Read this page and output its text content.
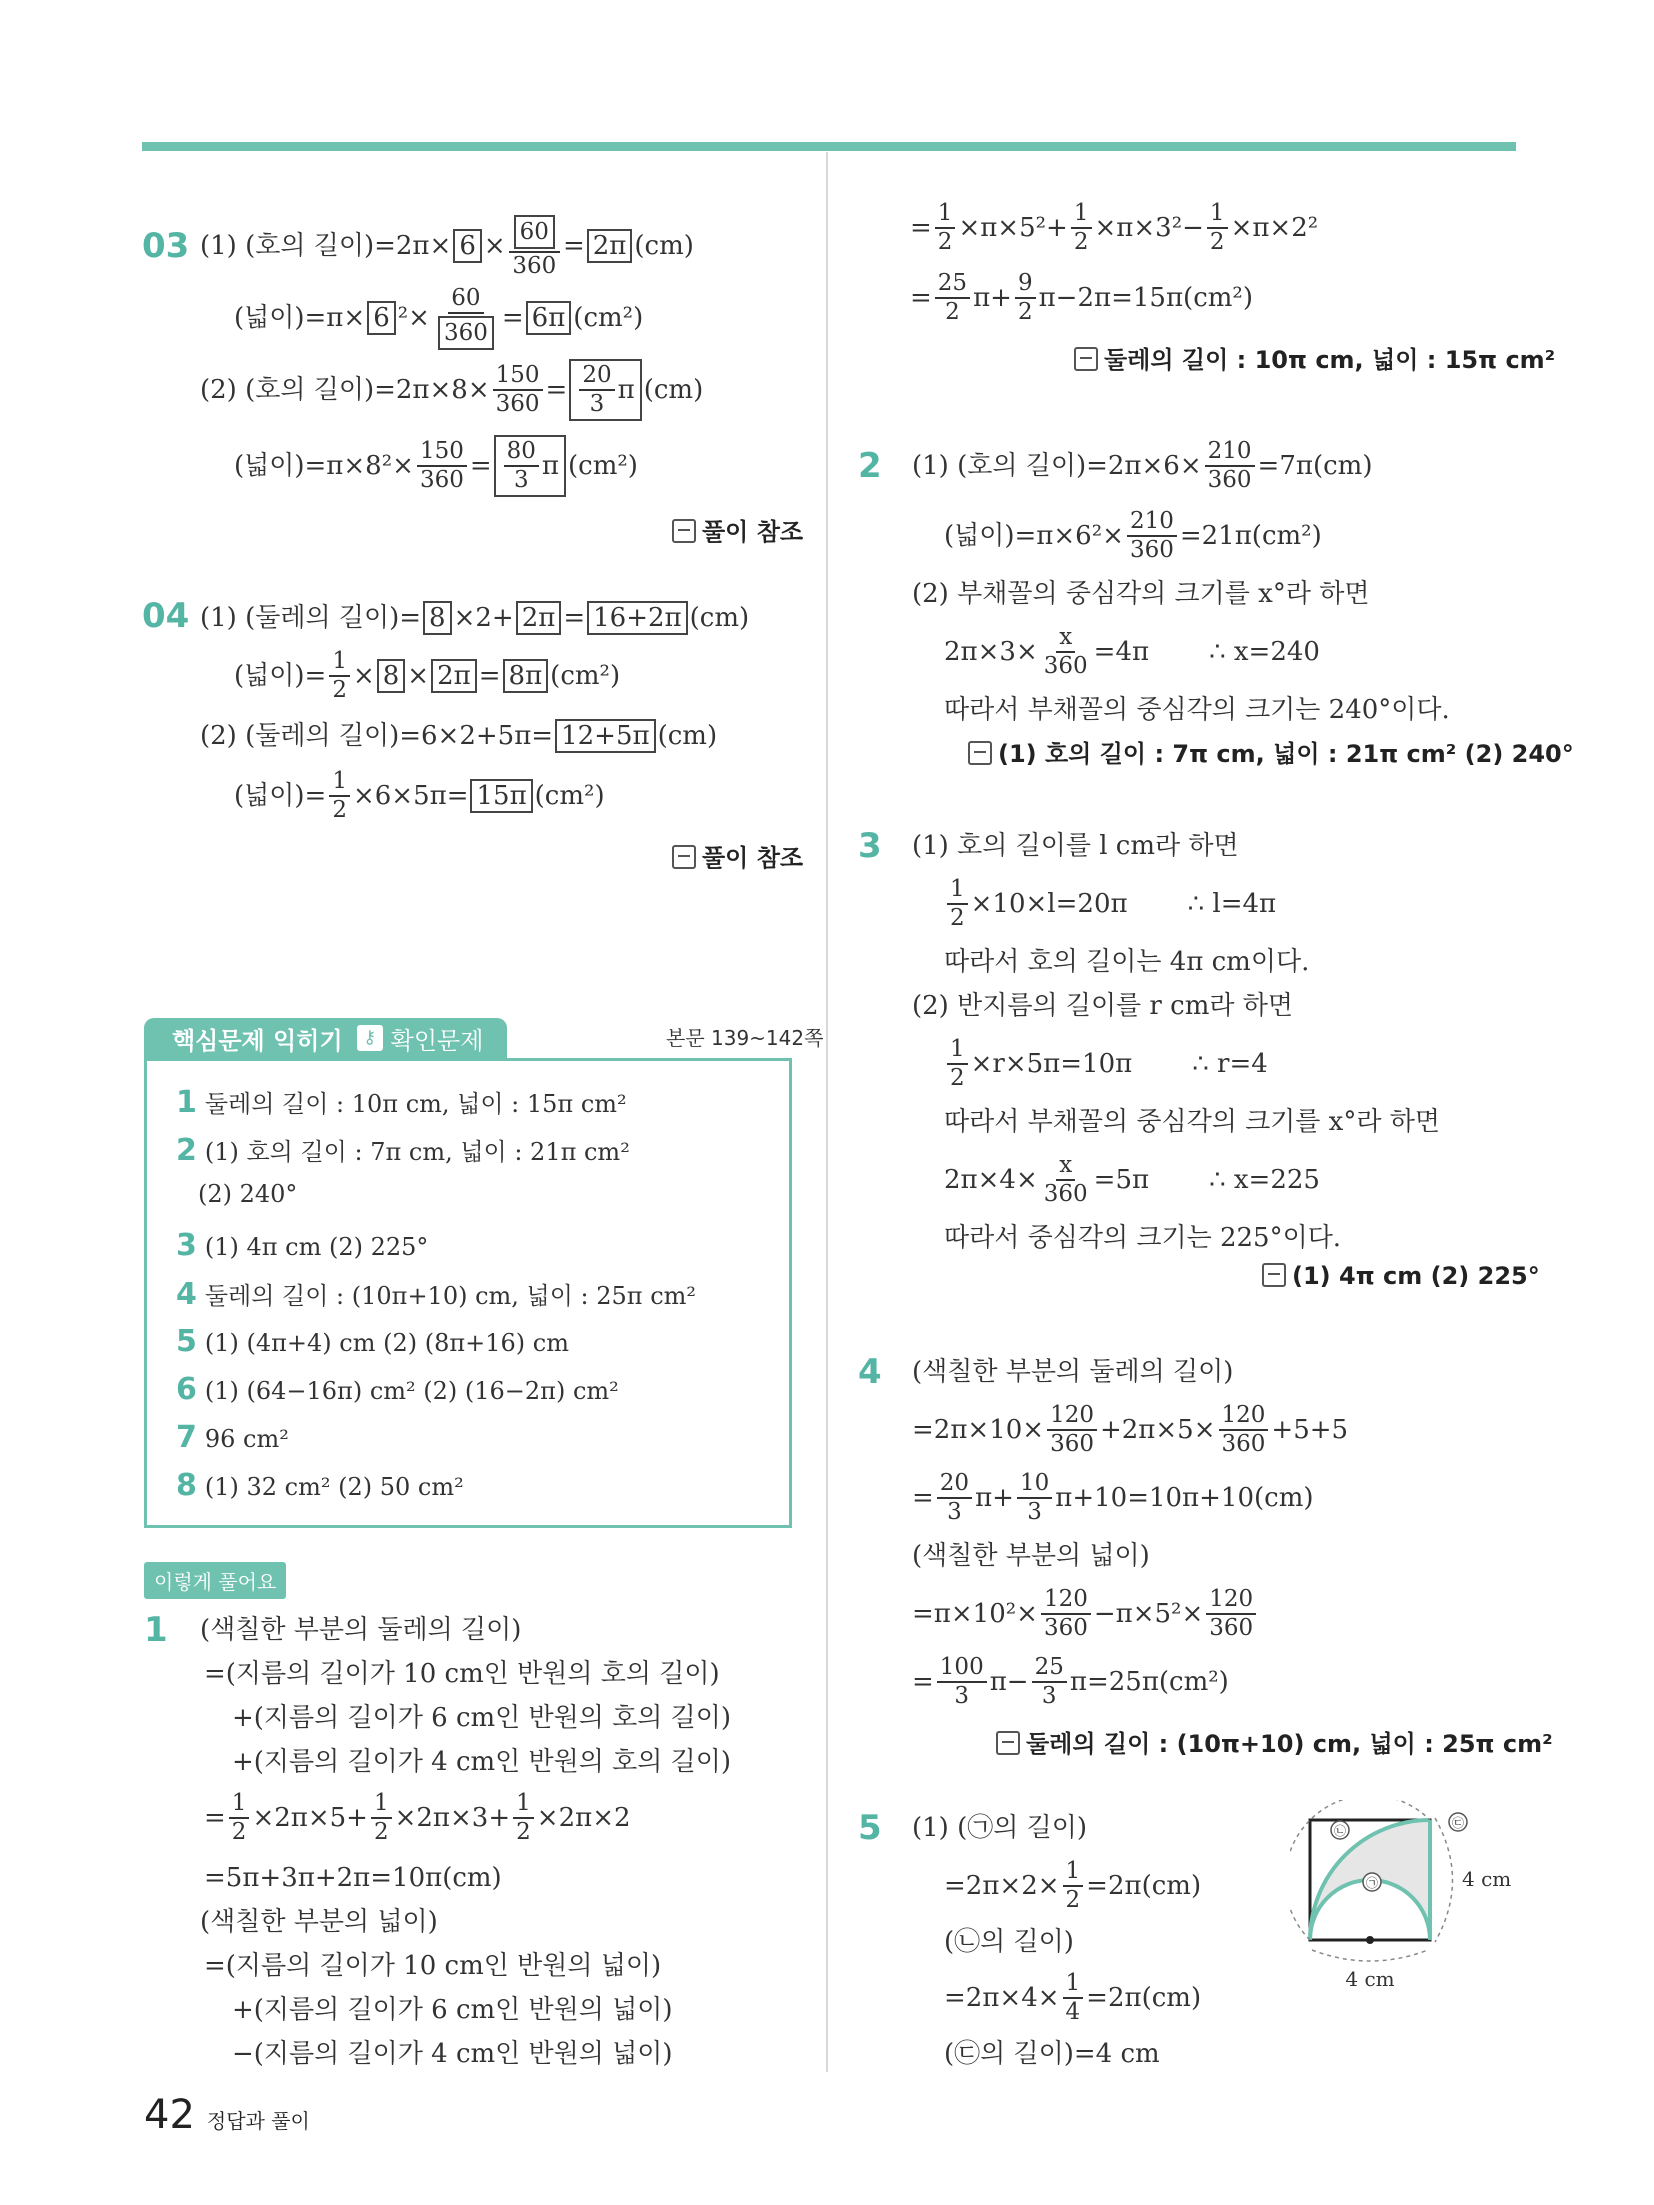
03 (1) (호의 길이)$=2\pi\times 6 \times \frac{60}{360} = 2\pi$ (cm)
(넓이)=π× 6 $^2\times \frac{60}{360} = 6\pi$ (cm²)
(2) (호의 길이)$=2\pi\times 8\times \frac{150}{360} = \frac{20}{3}$ π (cm)
(넓이)$=\pi\times 8^2\times \frac{150}{360} = \frac{80}{3}$ π (cm²)
풀이 참조
04 (1) (둘레의 길이)= 8 ×2+ 2π = 16+2π (cm)
(넓이)= $\frac{1}{2} \times 8 \times 2\pi = 8\pi$ (cm²)
(2) (둘레의 길이)=6×2+5π= 12+5π (cm)
(넓이)= $\frac{1}{2} \times 6\times 5\pi= 15\pi$ (cm²)
풀이 참조
핵심문제 익히기	⚷ 확인문제	본문 139~142쪽
1 둘레의 길이 : 10π cm, 넓이 : 15π cm²
2 (1) 호의 길이 : 7π cm, 넓이 : 21π cm²
(2) 240°
3 (1) 4π cm (2) 225°
4 둘레의 길이 : (10π+10) cm, 넓이 : 25π cm²
5 (1) (4π+4) cm (2) (8π+16) cm
6 (1) (64−16π) cm² (2) (16−2π) cm²
7 96 cm²
8 (1) 32 cm² (2) 50 cm²
이렇게 풀어요
1 (색칠한 부분의 둘레의 길이)
=(지름의 길이가 10 cm인 반원의 호의 길이)
+(지름의 길이가 6 cm인 반원의 호의 길이)
+(지름의 길이가 4 cm인 반원의 호의 길이)
= $\frac{1}{2} \times 2\pi\times 5+ \frac{1}{2} \times 2\pi\times 3+ \frac{1}{2} \times 2\pi\times 2$
=5π+3π+2π=10π(cm)
(색칠한 부분의 넓이)
=(지름의 길이가 10 cm인 반원의 넓이)
+(지름의 길이가 6 cm인 반원의 넓이)
−(지름의 길이가 4 cm인 반원의 넓이)
= $\frac{1}{2} \times\pi\times 5^2+ \frac{1}{2} \times\pi\times 3^2- \frac{1}{2} \times\pi\times 2^2$
= $\frac{25}{2} \pi+ \frac{9}{2} \pi-2\pi=15\pi(cm^2)$
둘레의 길이 : 10π cm, 넓이 : 15π cm²
2 (1) (호의 길이)$=2\pi\times 6\times \frac{210}{360} =7\pi(cm)$
(넓이)$=\pi\times 6^2\times \frac{210}{360} =21\pi(cm^2)$
(2) 부채꼴의 중심각의 크기를 x°라 하면
$2\pi\times 3\times \frac{x}{360} =4\pi$ ∴ x=240
따라서 부채꼴의 중심각의 크기는 240°이다.
(1) 호의 길이 : 7π cm, 넓이 : 21π cm² (2) 240°
3 (1) 호의 길이를 l cm라 하면
$\frac{1}{2} \times 10\times l=20\pi$ ∴ l=4π
따라서 호의 길이는 4π cm이다.
(2) 반지름의 길이를 r cm라 하면
$\frac{1}{2} \times r\times 5\pi=10\pi$ ∴ r=4
따라서 부채꼴의 중심각의 크기를 x°라 하면
$2\pi\times 4\times \frac{x}{360} =5\pi$ ∴ x=225
따라서 중심각의 크기는 225°이다.
(1) 4π cm (2) 225°
4 (색칠한 부분의 둘레의 길이)
$=2\pi\times 10\times \frac{120}{360} +2\pi\times 5\times \frac{120}{360} +5+5$
= $\frac{20}{3} \pi+ \frac{10}{3} \pi+10=10\pi+10(cm)$
(색칠한 부분의 넓이)
$=\pi\times 10^2\times \frac{120}{360} -\pi\times 5^2\times \frac{120}{360}$
= $\frac{100}{3} \pi- \frac{25}{3} \pi=25\pi(cm^2)$
둘레의 길이 : (10π+10) cm, 넓이 : 25π cm²
5 (1) (㉠의 길이)
$=2\pi\times 2\times \frac{1}{2} =2\pi(cm)$
(㉡의 길이)
$=2\pi\times 4\times \frac{1}{4} =2\pi(cm)$
(㉢의 길이)=4 cm
㉡
㉠
㉢
4 cm
4 cm
42 정답과 풀이
